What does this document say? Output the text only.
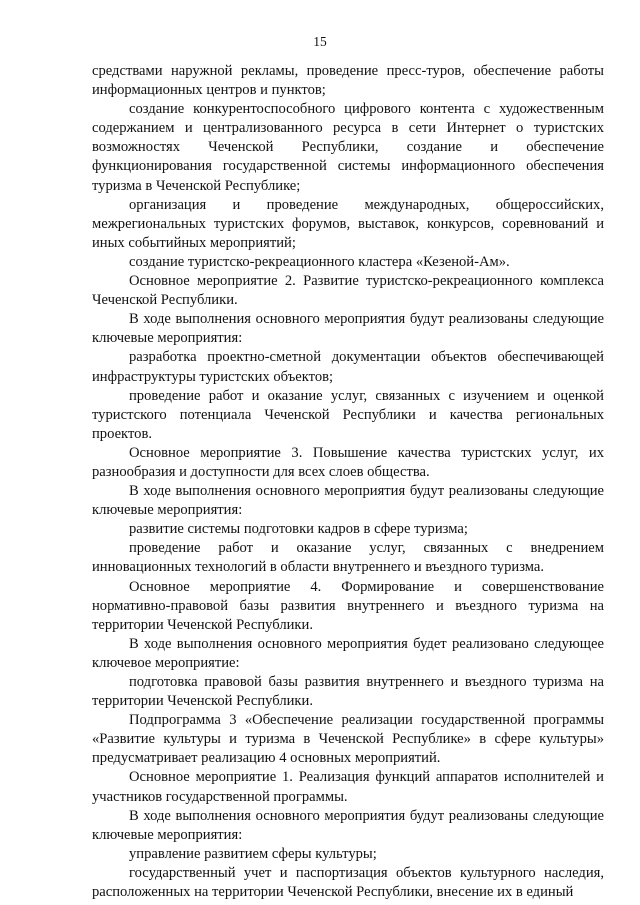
15

средствами наружной рекламы, проведение пресс-туров, обеспечение работы информационных центров и пунктов;

создание конкурентоспособного цифрового контента с художественным содержанием и централизованного ресурса в сети Интернет о туристских возможностях Чеченской Республики, создание и обеспечение функционирования государственной системы информационного обеспечения туризма в Чеченской Республике;

организация и проведение международных, общероссийских, межрегиональных туристских форумов, выставок, конкурсов, соревнований и иных событийных мероприятий;

создание туристско-рекреационного кластера «Кезеной-Ам».

Основное мероприятие 2. Развитие туристско-рекреационного комплекса Чеченской Республики.

В ходе выполнения основного мероприятия будут реализованы следующие ключевые мероприятия:

разработка проектно-сметной документации объектов обеспечивающей инфраструктуры туристских объектов;

проведение работ и оказание услуг, связанных с изучением и оценкой туристского потенциала Чеченской Республики и качества региональных проектов.

Основное мероприятие 3. Повышение качества туристских услуг, их разнообразия и доступности для всех слоев общества.

В ходе выполнения основного мероприятия будут реализованы следующие ключевые мероприятия:

развитие системы подготовки кадров в сфере туризма;

проведение работ и оказание услуг, связанных с внедрением инновационных технологий в области внутреннего и въездного туризма.

Основное мероприятие 4. Формирование и совершенствование нормативно-правовой базы развития внутреннего и въездного туризма на территории Чеченской Республики.

В ходе выполнения основного мероприятия будет реализовано следующее ключевое мероприятие:

подготовка правовой базы развития внутреннего и въездного туризма на территории Чеченской Республики.

Подпрограмма 3 «Обеспечение реализации государственной программы «Развитие культуры и туризма в Чеченской Республике» в сфере культуры» предусматривает реализацию 4 основных мероприятий.

Основное мероприятие 1. Реализация функций аппаратов исполнителей и участников государственной программы.

В ходе выполнения основного мероприятия будут реализованы следующие ключевые мероприятия:

управление развитием сферы культуры;

государственный учет и паспортизация объектов культурного наследия, расположенных на территории Чеченской Республики, внесение их в единый
